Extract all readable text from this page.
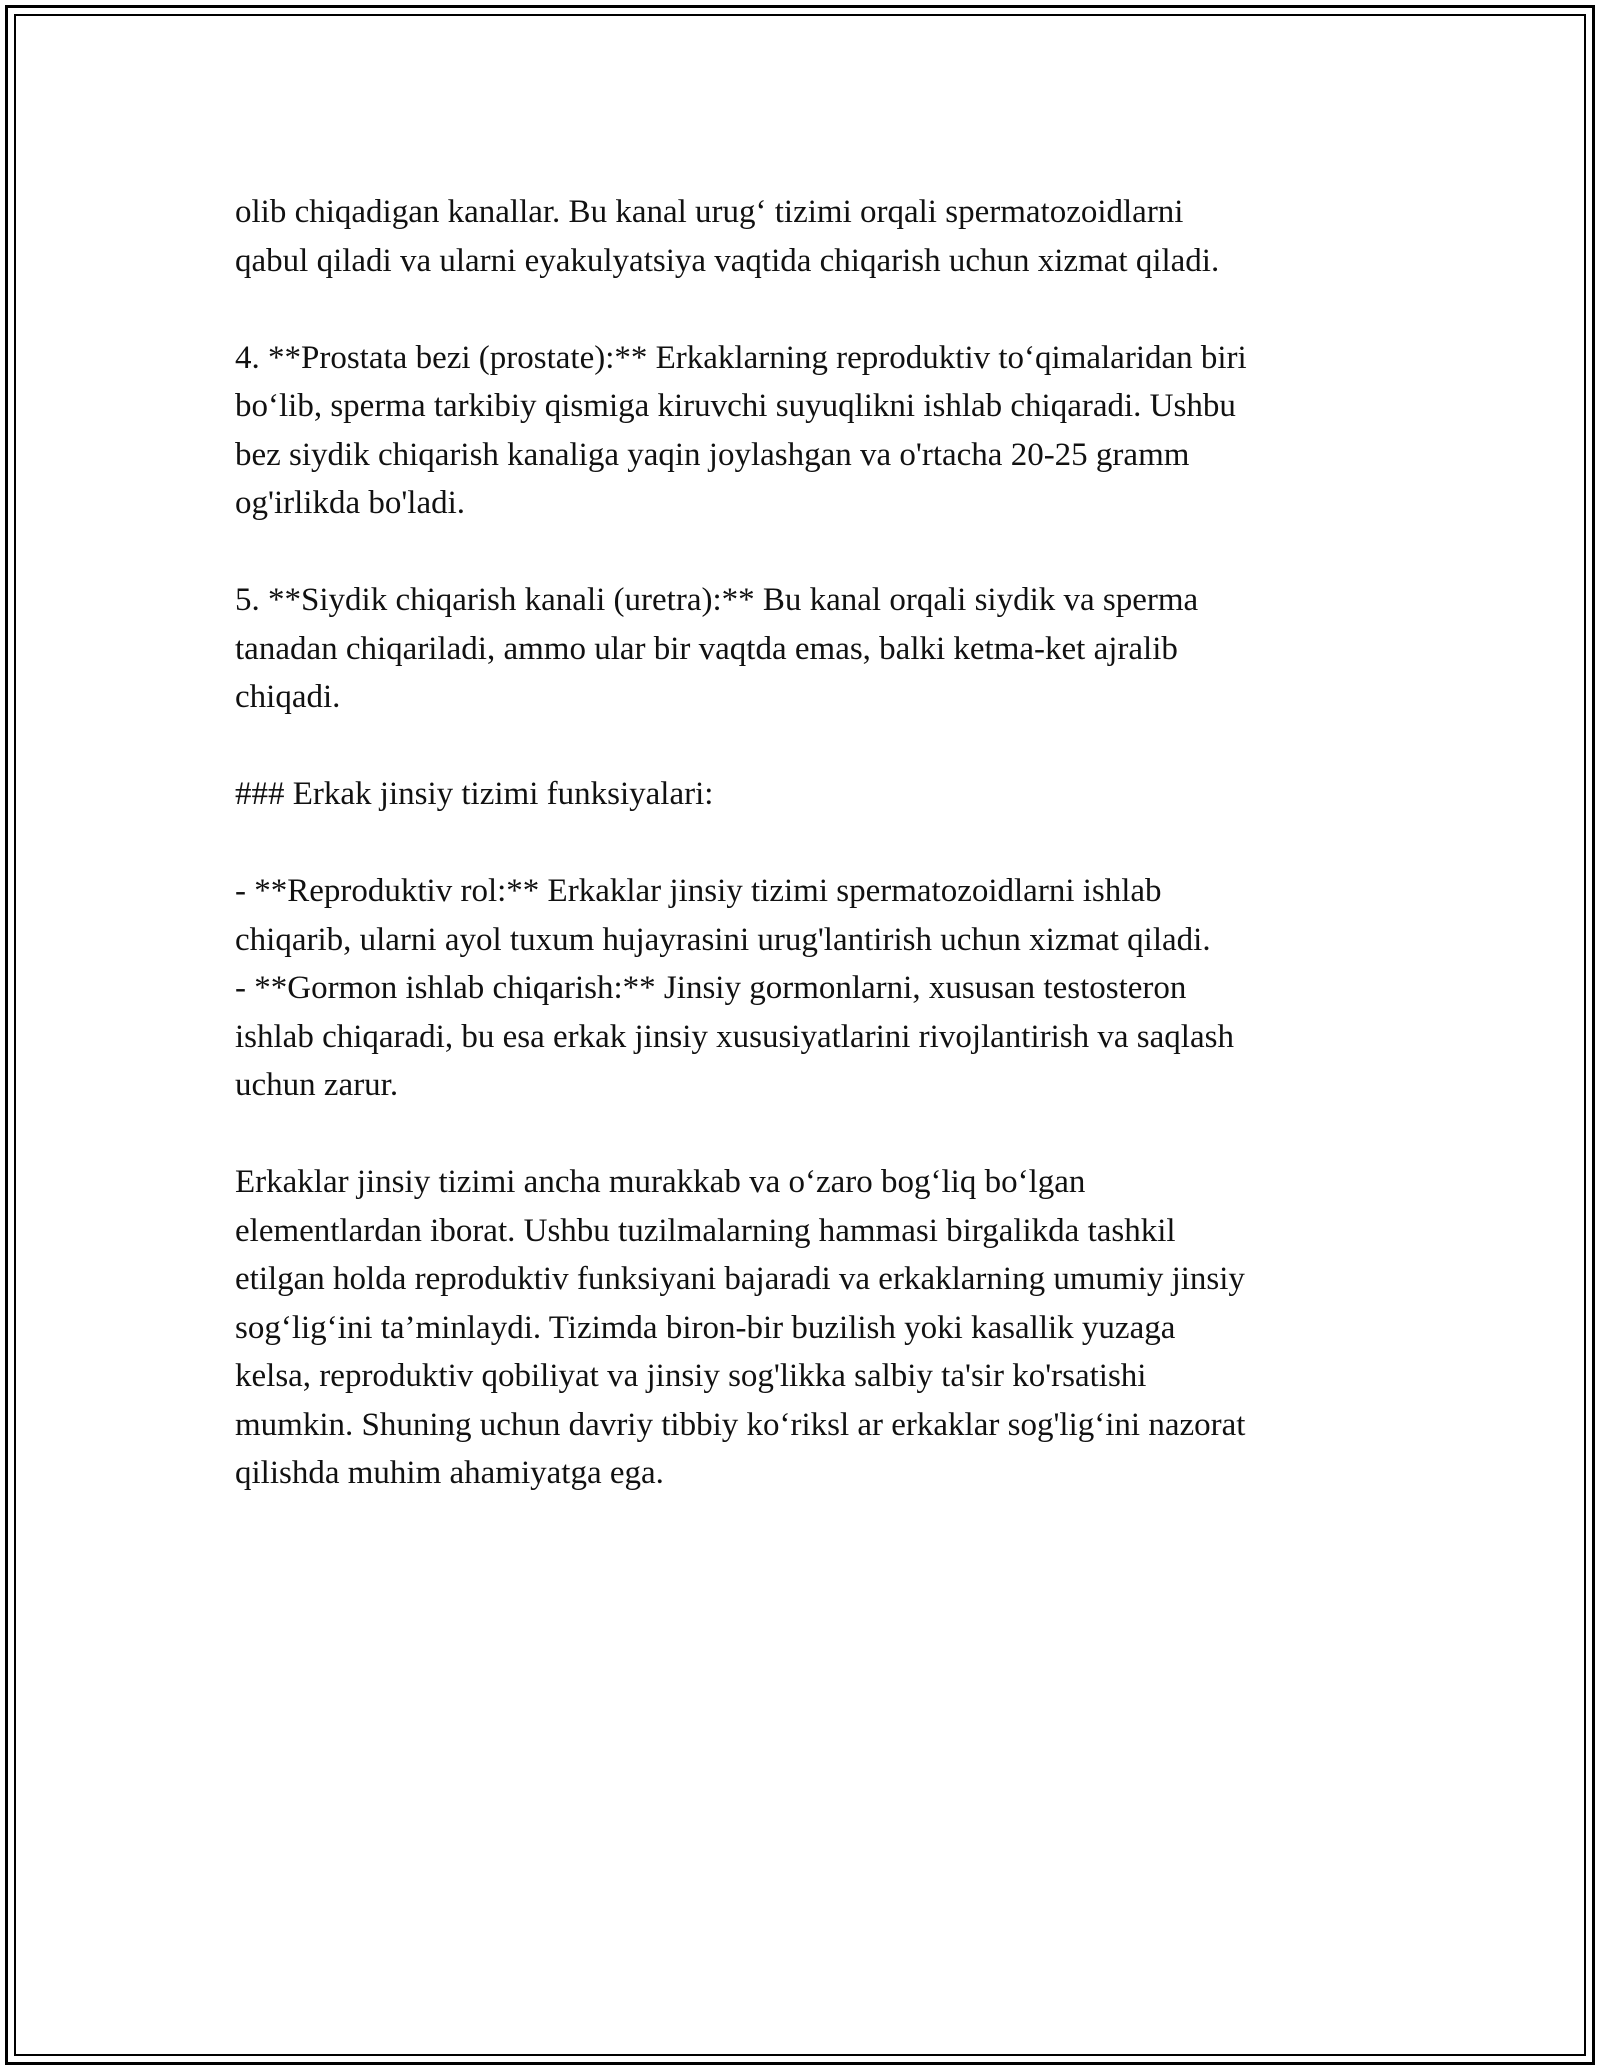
olib chiqadigan kanallar. Bu kanal urug‘ tizimi orqali spermatozoidlarni
qabul qiladi va ularni eyakulyatsiya vaqtida chiqarish uchun xizmat qiladi.
4. **Prostata bezi (prostate):** Erkaklarning reproduktiv to‘qimalaridan biri
bo‘lib, sperma tarkibiy qismiga kiruvchi suyuqlikni ishlab chiqaradi. Ushbu
bez siydik chiqarish kanaliga yaqin joylashgan va o'rtacha 20-25 gramm
og'irlikda bo'ladi.
5. **Siydik chiqarish kanali (uretra):** Bu kanal orqali siydik va sperma
tanadan chiqariladi, ammo ular bir vaqtda emas, balki ketma-ket ajralib
chiqadi.
### Erkak jinsiy tizimi funksiyalari:
- **Reproduktiv rol:** Erkaklar jinsiy tizimi spermatozoidlarni ishlab
chiqarib, ularni ayol tuxum hujayrasini urug'lantirish uchun xizmat qiladi.
- **Gormon ishlab chiqarish:** Jinsiy gormonlarni, xususan testosteron
ishlab chiqaradi, bu esa erkak jinsiy xususiyatlarini rivojlantirish va saqlash
uchun zarur.
Erkaklar jinsiy tizimi ancha murakkab va o‘zaro bog‘liq bo‘lgan
elementlardan iborat. Ushbu tuzilmalarning hammasi birgalikda tashkil
etilgan holda reproduktiv funksiyani bajaradi va erkaklarning umumiy jinsiy
sog‘lig‘ini ta’minlaydi. Tizimda biron-bir buzilish yoki kasallik yuzaga
kelsa, reproduktiv qobiliyat va jinsiy sog'likka salbiy ta'sir ko'rsatishi
mumkin. Shuning uchun davriy tibbiy ko‘riksl ar erkaklar sog'lig‘ini nazorat
qilishda muhim ahamiyatga ega.
